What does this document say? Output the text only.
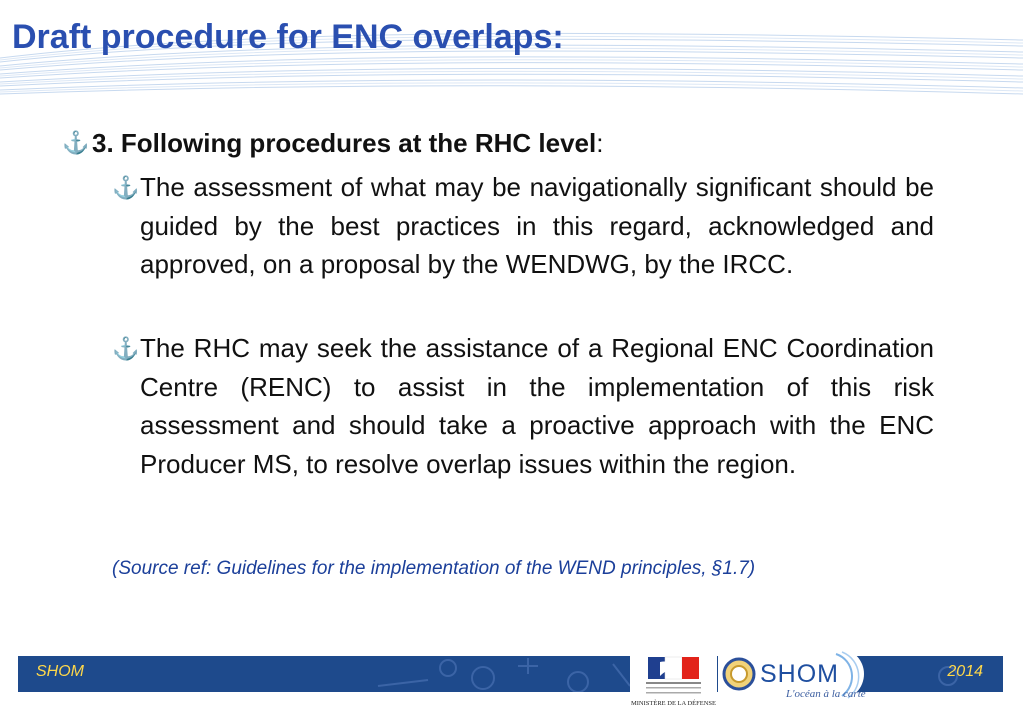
Draft procedure for ENC overlaps:
⚓ 3. Following procedures at the RHC level:
⚓ The assessment of what may be navigationally significant should be guided by the best practices in this regard, acknowledged and approved, on a proposal by the WENDWG, by the IRCC.
⚓ The RHC may seek the assistance of a Regional ENC Coordination Centre (RENC) to assist in the implementation of this risk assessment and should take a proactive approach with the ENC Producer MS, to resolve overlap issues within the region.
(Source ref: Guidelines for the implementation of the WEND principles, §1.7)
SHOM	2014
MINISTÈRE DE LA DÉFENSE
SHOM
L'océan à la carte
